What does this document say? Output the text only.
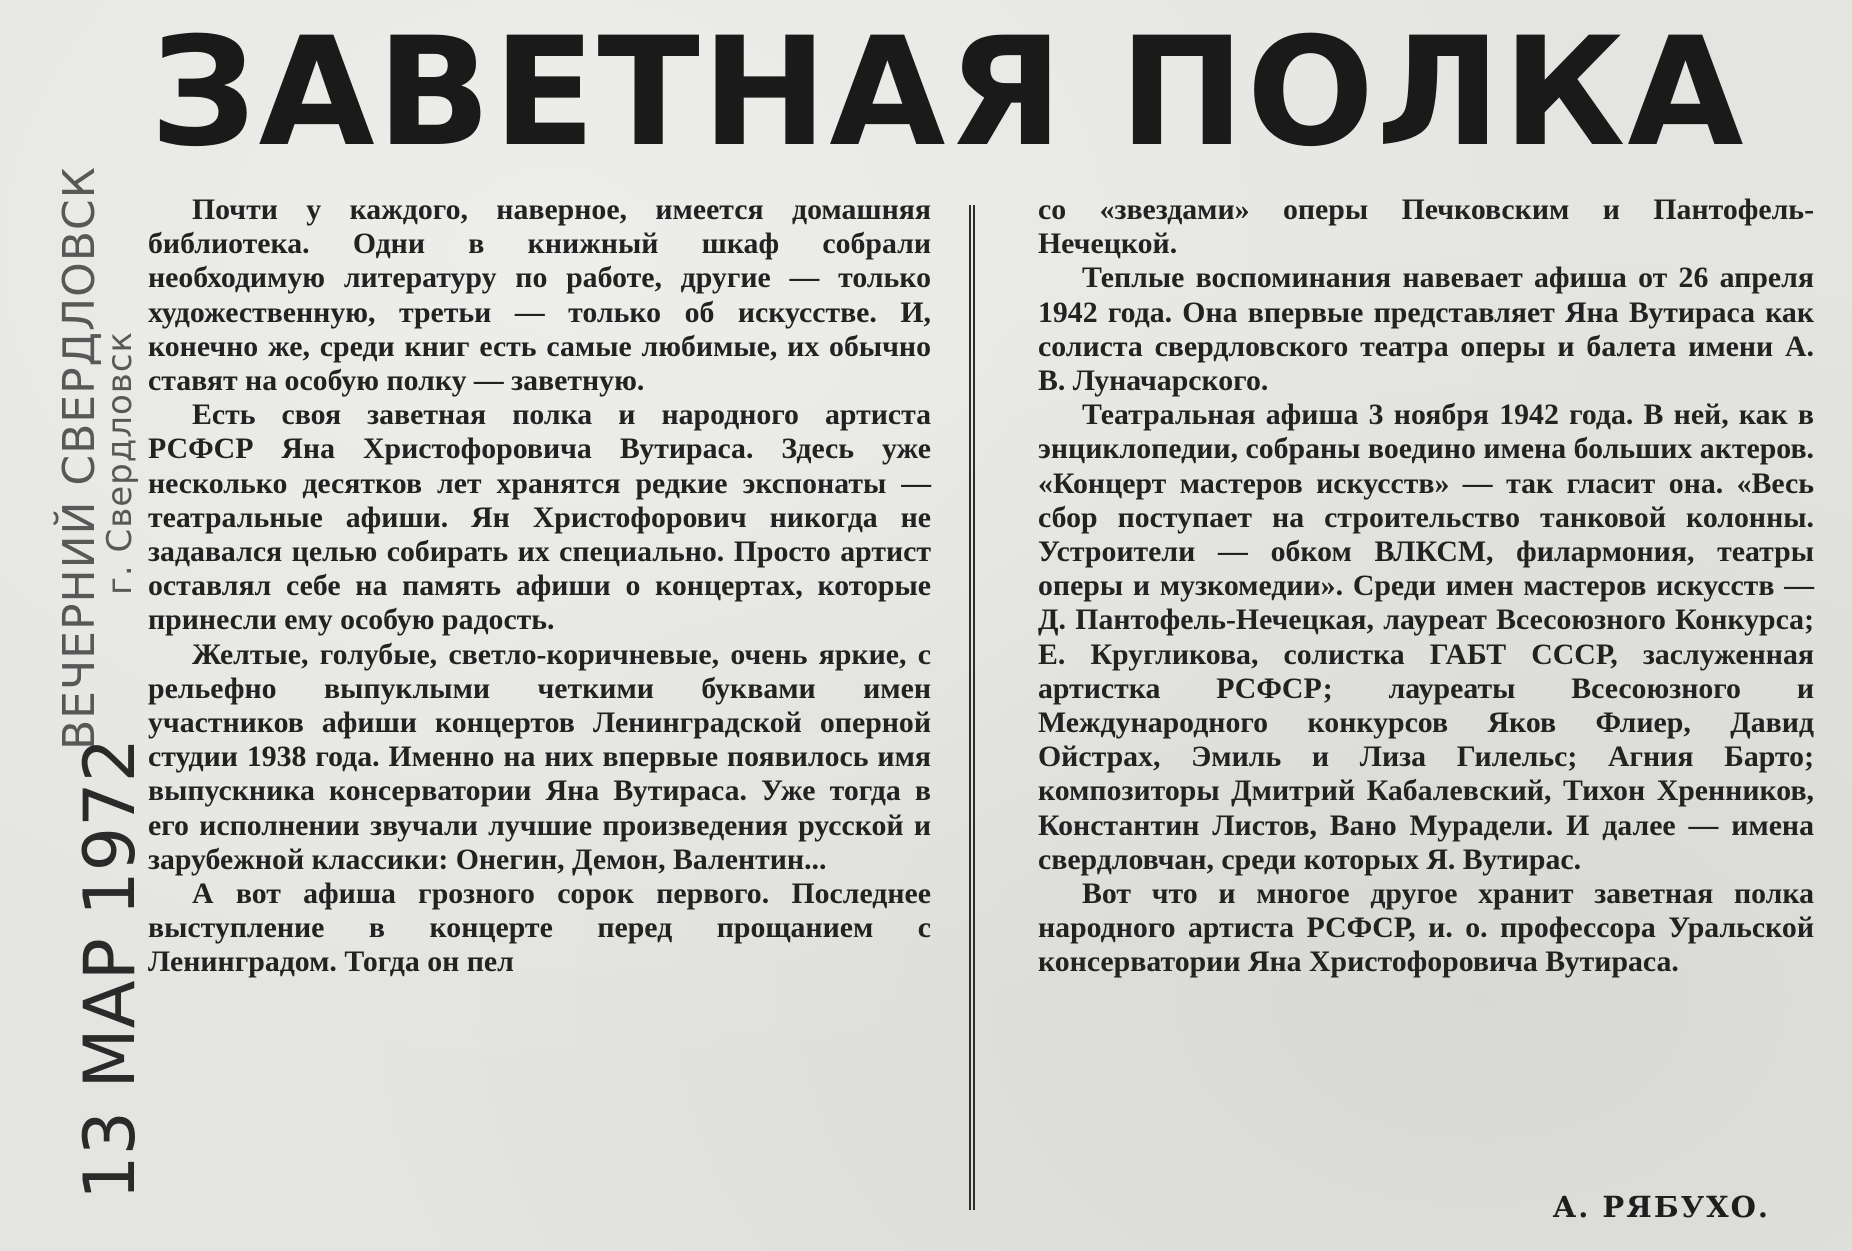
ЗАВЕТНАЯ ПОЛКА
ВЕЧЕРНИЙ СВЕРДЛОВСК
г. Свердловск
13 МАР 1972

Почти у каждого, наверное, имеется домашняя библиотека. Одни в книжный шкаф собрали необходимую литературу по работе, другие — только художественную, третьи — только об искусстве. И, конечно же, среди книг есть самые любимые, их обычно ставят на особую полку — заветную.

Есть своя заветная полка и народного артиста РСФСР Яна Христофоровича Вутираса. Здесь уже несколько десятков лет хранятся редкие экспонаты — театральные афиши. Ян Христофорович никогда не задавался целью собирать их специально. Просто артист оставлял себе на память афиши о концертах, которые принесли ему особую радость.

Желтые, голубые, светло-коричневые, очень яркие, с рельефно выпуклыми четкими буквами имен участников афиши концертов Ленинградской оперной студии 1938 года. Именно на них впервые появилось имя выпускника консерватории Яна Вутираса. Уже тогда в его исполнении звучали лучшие произведения русской и зарубежной классики: Онегин, Демон, Валентин...

А вот афиша грозного сорок первого. Последнее выступление в концерте перед прощанием с Ленинградом. Тогда он пел

со «звездами» оперы Печковским и Пантофель-Нечецкой.

Теплые воспоминания навевает афиша от 26 апреля 1942 года. Она впервые представляет Яна Вутираса как солиста свердловского театра оперы и балета имени А. В. Луначарского.

Театральная афиша 3 ноября 1942 года. В ней, как в энциклопедии, собраны воедино имена больших актеров. «Концерт мастеров искусств» — так гласит она. «Весь сбор поступает на строительство танковой колонны. Устроители — обком ВЛКСМ, филармония, театры оперы и музкомедии». Среди имен мастеров искусств — Д. Пантофель-Нечецкая, лауреат Всесоюзного Конкурса; Е. Кругликова, солистка ГАБТ СССР, заслуженная артистка РСФСР; лауреаты Всесоюзного и Международного конкурсов Яков Флиер, Давид Ойстрах, Эмиль и Лиза Гилельс; Агния Барто; композиторы Дмитрий Кабалевский, Тихон Хренников, Константин Листов, Вано Мурадели. И далее — имена свердловчан, среди которых Я. Вутирас.

Вот что и многое другое хранит заветная полка народного артиста РСФСР, и. о. профессора Уральской консерватории Яна Христофоровича Вутираса.

А. РЯБУХО.
